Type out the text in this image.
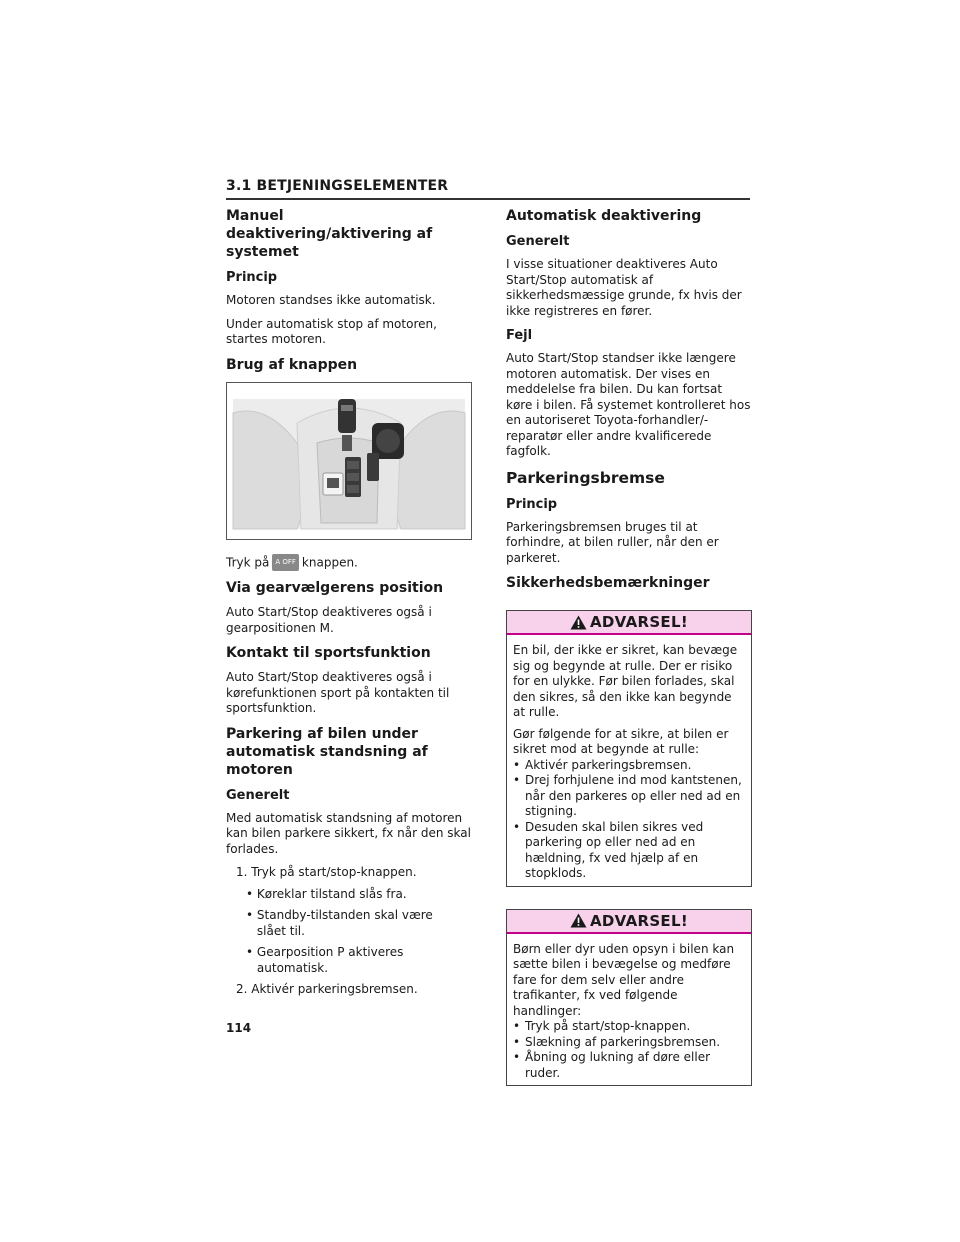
3.1 BETJENINGSELEMENTER
Manuel deaktivering/aktivering af systemet
Princip

Motoren standses ikke automatisk.

Under automatisk stop af motoren, startes motoren.

Brug af knappen

Tryk på A OFF knappen.

Via gearvælgerens position

Auto Start/Stop deaktiveres også i gearpositionen M.

Kontakt til sportsfunktion

Auto Start/Stop deaktiveres også i kørefunktionen sport på kontakten til sportsfunktion.

Parkering af bilen under automatisk standsning af motoren
Generelt

Med automatisk standsning af motoren kan bilen parkere sikkert, fx når den skal forlades.

1. Tryk på start/stop-knappen.
• Køreklar tilstand slås fra.
• Standby-tilstanden skal være slået til.
• Gearposition P aktiveres automatisk.
2. Aktivér parkeringsbremsen.
Automatisk deaktivering
Generelt

I visse situationer deaktiveres Auto Start/Stop automatisk af sikkerhedsmæssige grunde, fx hvis der ikke registreres en fører.

Fejl

Auto Start/Stop standser ikke længere motoren automatisk. Der vises en meddelelse fra bilen. Du kan fortsat køre i bilen. Få systemet kontrolleret hos en autoriseret Toyota-forhandler/-reparatør eller andre kvalificerede fagfolk.

Parkeringsbremse
Princip

Parkeringsbremsen bruges til at forhindre, at bilen ruller, når den er parkeret.

Sikkerhedsbemærkninger
ADVARSEL!

En bil, der ikke er sikret, kan bevæge sig og begynde at rulle. Der er risiko for en ulykke. Før bilen forlades, skal den sikres, så den ikke kan begynde at rulle.

Gør følgende for at sikre, at bilen er sikret mod at begynde at rulle:

• Aktivér parkeringsbremsen.
• Drej forhjulene ind mod kantstenen, når den parkeres op eller ned ad en stigning.
• Desuden skal bilen sikres ved parkering op eller ned ad en hældning, fx ved hjælp af en stopklods.
ADVARSEL!

Børn eller dyr uden opsyn i bilen kan sætte bilen i bevægelse og medføre fare for dem selv eller andre trafikanter, fx ved følgende handlinger:

• Tryk på start/stop-knappen.
• Slækning af parkeringsbremsen.
• Åbning og lukning af døre eller ruder.
114
